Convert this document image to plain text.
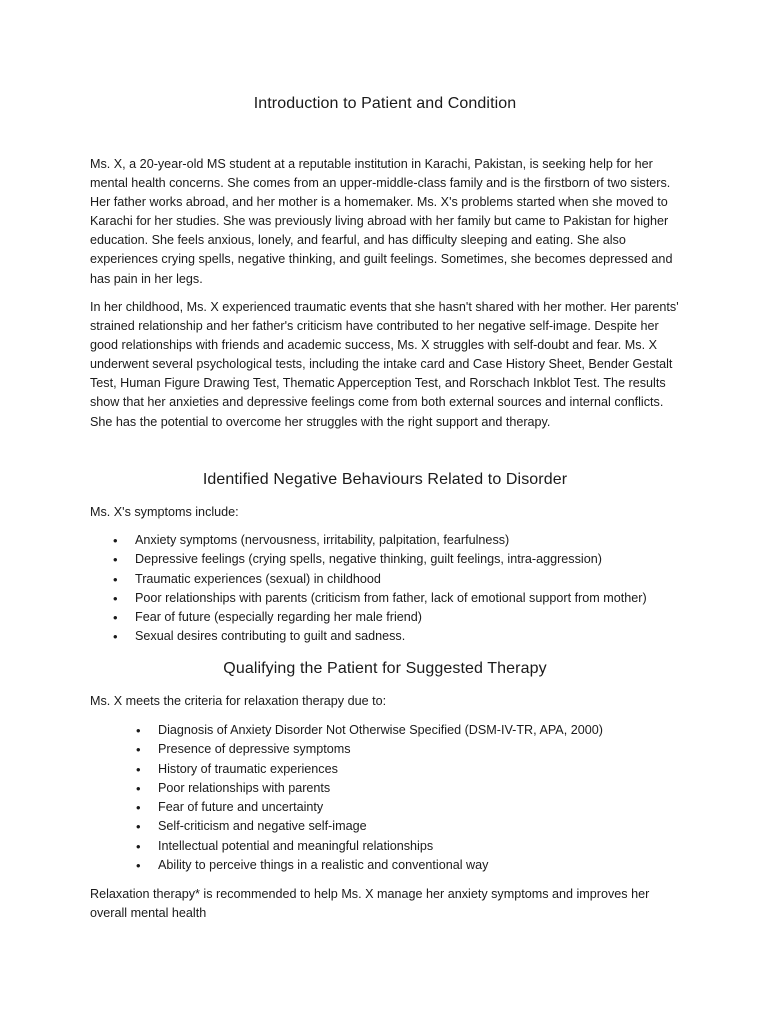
Introduction to Patient and Condition

Ms. X, a 20-year-old MS student at a reputable institution in Karachi, Pakistan, is seeking help for her mental health concerns. She comes from an upper-middle-class family and is the firstborn of two sisters. Her father works abroad, and her mother is a homemaker. Ms. X's problems started when she moved to Karachi for her studies. She was previously living abroad with her family but came to Pakistan for higher education. She feels anxious, lonely, and fearful, and has difficulty sleeping and eating. She also experiences crying spells, negative thinking, and guilt feelings. Sometimes, she becomes depressed and has pain in her legs.

In her childhood, Ms. X experienced traumatic events that she hasn't shared with her mother. Her parents' strained relationship and her father's criticism have contributed to her negative self-image. Despite her good relationships with friends and academic success, Ms. X struggles with self-doubt and fear. Ms. X underwent several psychological tests, including the intake card and Case History Sheet, Bender Gestalt Test, Human Figure Drawing Test, Thematic Apperception Test, and Rorschach Inkblot Test. The results show that her anxieties and depressive feelings come from both external sources and internal conflicts. She has the potential to overcome her struggles with the right support and therapy.

Identified Negative Behaviours Related to Disorder

Ms. X's symptoms include:

• Anxiety symptoms (nervousness, irritability, palpitation, fearfulness)
• Depressive feelings (crying spells, negative thinking, guilt feelings, intra-aggression)
• Traumatic experiences (sexual) in childhood
• Poor relationships with parents (criticism from father, lack of emotional support from mother)
• Fear of future (especially regarding her male friend)
• Sexual desires contributing to guilt and sadness.
Qualifying the Patient for Suggested Therapy

Ms. X meets the criteria for relaxation therapy due to:

• Diagnosis of Anxiety Disorder Not Otherwise Specified (DSM-IV-TR, APA, 2000)
• Presence of depressive symptoms
• History of traumatic experiences
• Poor relationships with parents
• Fear of future and uncertainty
• Self-criticism and negative self-image
• Intellectual potential and meaningful relationships
• Ability to perceive things in a realistic and conventional way

Relaxation therapy* is recommended to help Ms. X manage her anxiety symptoms and improves her overall mental health
